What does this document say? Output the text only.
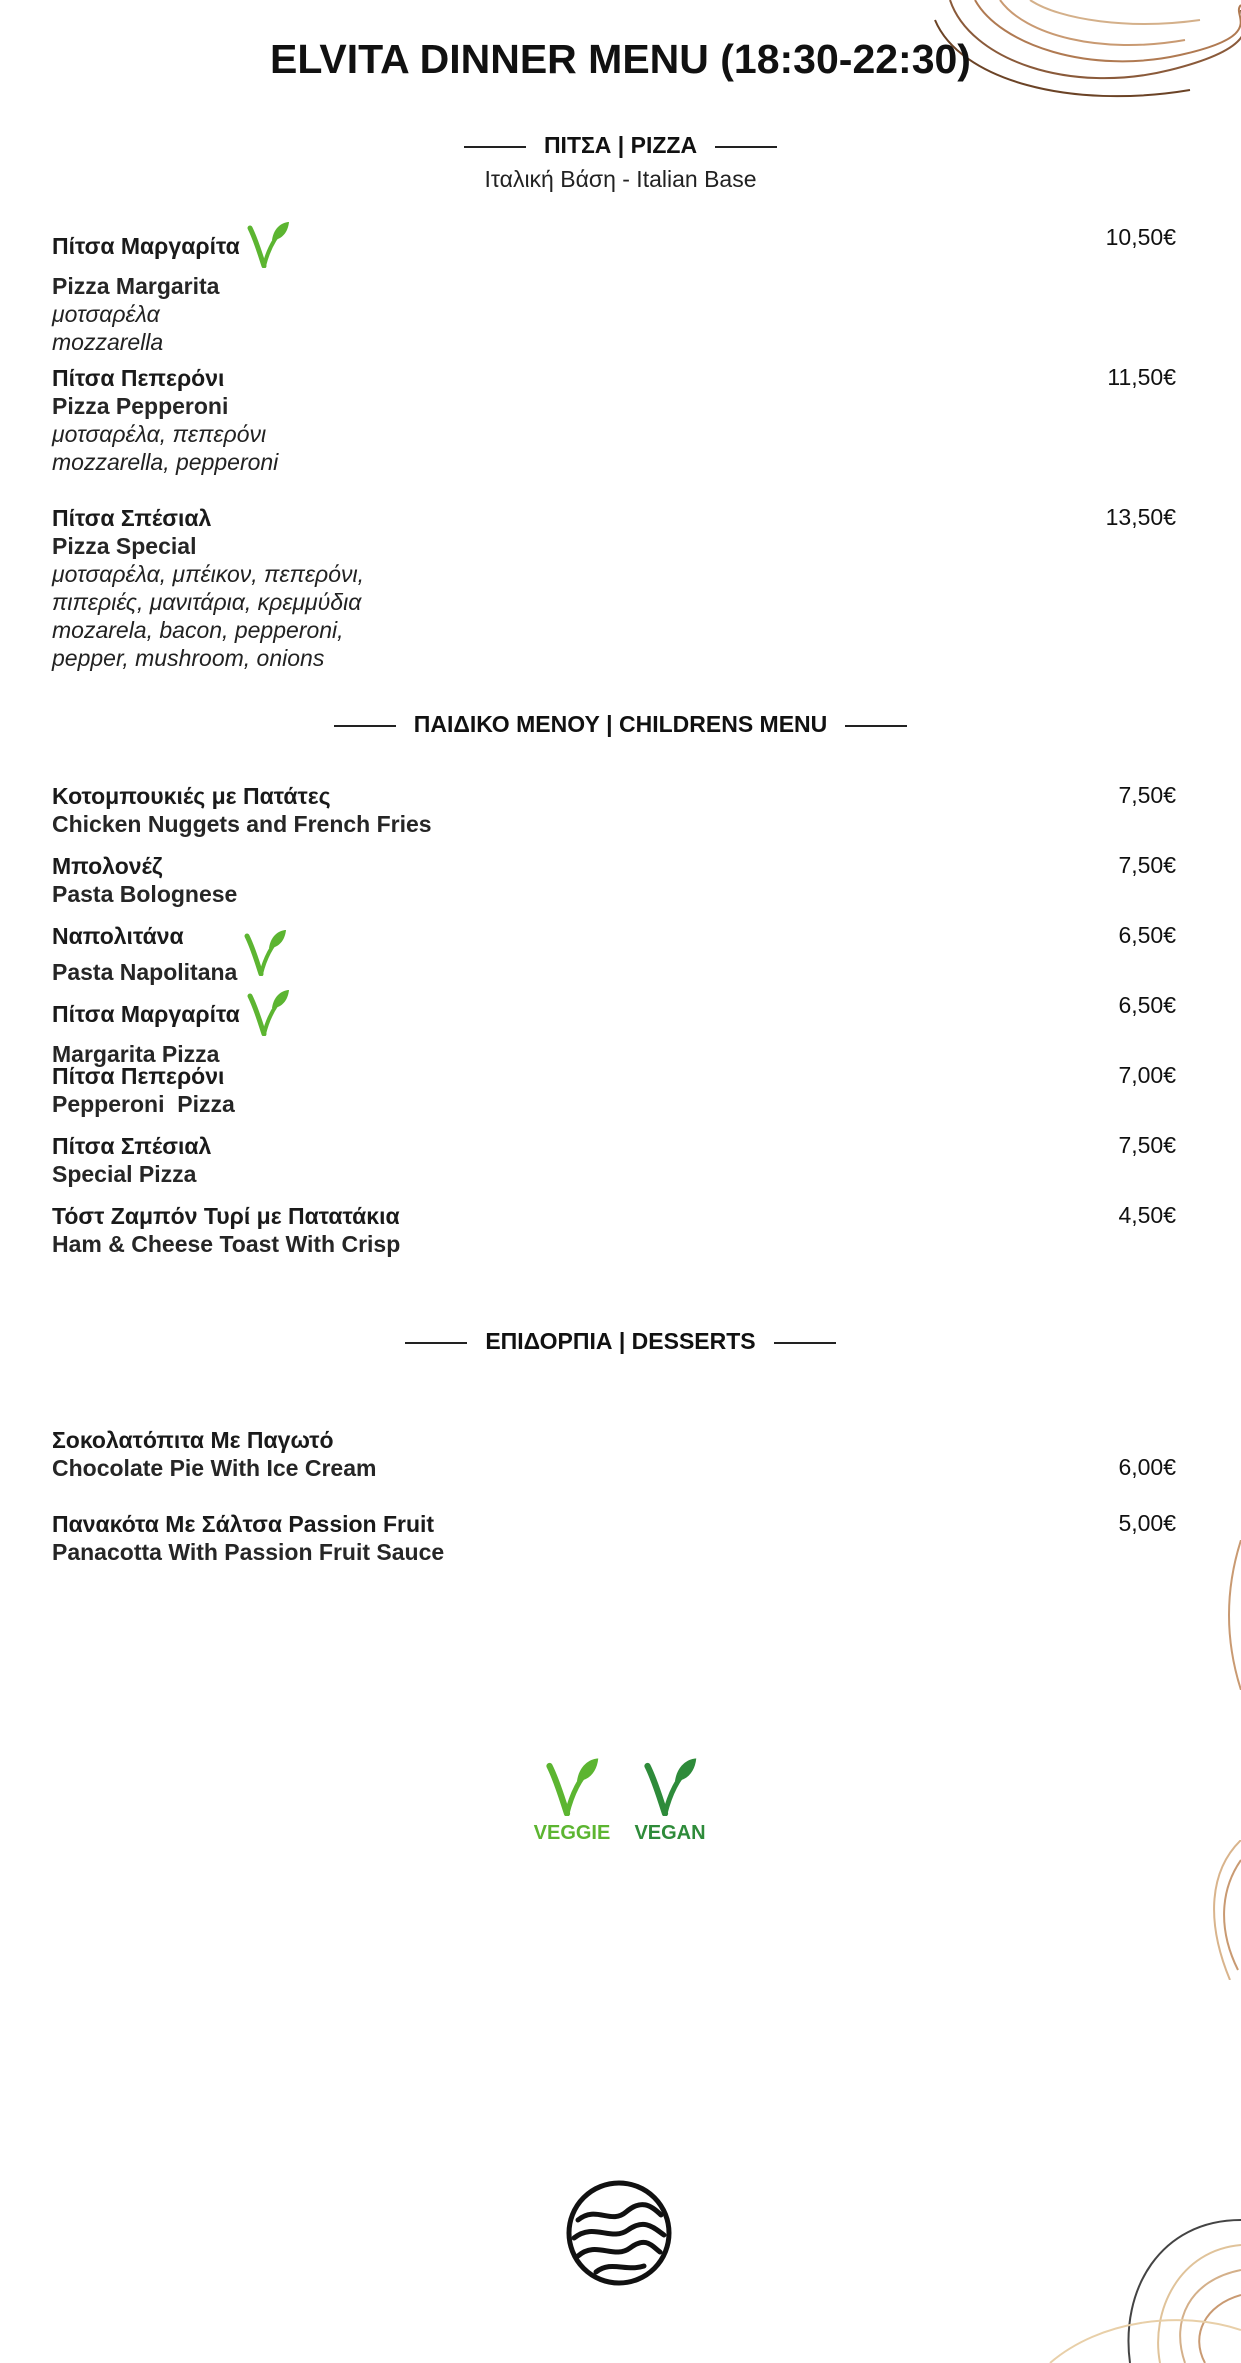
ELVITA DINNER MENU (18:30-22:30)
ΠΙΤΣΑ | PIZZA
Ιταλική Βάση - Italian Base
Πίτσα Μαργαρίτα
Pizza Margarita
μοτσαρέλα
mozzarella
10,50€
Πίτσα Πεπερόνι
Pizza Pepperoni
μοτσαρέλα, πεπερόνι
mozzarella, pepperoni
11,50€
Πίτσα Σπέσιαλ
Pizza Special
μοτσαρέλα, μπέικον, πεπερόνι,
πιπεριές, μανιτάρια, κρεμμύδια
mozarela, bacon, pepperoni,
pepper, mushroom, onions
13,50€
ΠΑΙΔΙΚΟ ΜΕΝΟΥ | CHILDRENS MENU
Κοτομπουκιές με Πατάτες
Chicken Nuggets and French Fries
7,50€
Μπολονέζ
Pasta Bolognese
7,50€
Ναπολιτάνα
Pasta Napolitana
6,50€
Πίτσα Μαργαρίτα
Margarita Pizza
6,50€
Πίτσα Πεπερόνι
Pepperoni  Pizza
7,00€
Πίτσα Σπέσιαλ
Special Pizza
7,50€
Τόστ Ζαμπόν Τυρί με Πατατάκια
Ham & Cheese Toast With Crisp
4,50€
ΕΠΙΔΟΡΠΙΑ | DESSERTS
Σοκολατόπιτα Με Παγωτό
Chocolate Pie With Ice Cream	6,00€
Πανακότα Με Σάλτσα Passion Fruit
Panacotta With Passion Fruit Sauce
5,00€
VEGGIE	VEGAN
